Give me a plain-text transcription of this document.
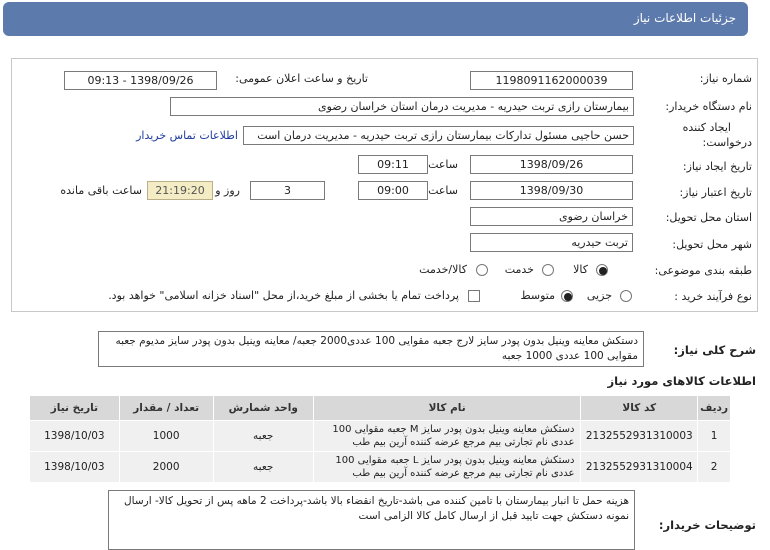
جزئیات اطلاعات نیاز
شماره نیاز:
1198091162000039
تاریخ و ساعت اعلان عمومی:
1398/09/26 - 09:13
نام دستگاه خریدار:
بیمارستان رازی تربت حیدریه - مدیریت درمان استان خراسان رضوی
ایجاد کننده
درخواست:
حسن حاجیی مسئول تدارکات بیمارستان رازی تربت حیدریه - مدیریت درمان است
اطلاعات تماس خریدار
تاریخ ایجاد نیاز:
1398/09/26
ساعت
09:11
تاریخ اعتبار نیاز:
1398/09/30
ساعت
09:00
3
روز و
21:19:20
ساعت باقی مانده
استان محل تحویل:
خراسان رضوی
شهر محل تحویل:
تربت حیدریه
طبقه بندی موضوعی:
کالا
خدمت
کالا/خدمت
نوع فرآیند خرید :
جزیی
متوسط
پرداخت تمام یا بخشی از مبلغ خرید،از محل "اسناد خزانه اسلامی" خواهد بود.
شرح کلی نیاز:
دستکش معاینه وینیل بدون پودر سایز لارج جعبه مقوایی 100 عددی2000 جعبه/ معاینه وینیل بدون پودر سایز مدیوم جعبه مقوایی 100 عددی 1000 جعبه
اطلاعات کالاهای مورد نیاز
ردیف	کد کالا	نام کالا	واحد شمارش	تعداد / مقدار	تاریخ نیاز
1	2132552931310003	دستکش معاینه وینیل بدون پودر سایز M جعبه مقوایی 100
عددی نام تجارتی بیم مرجع عرضه کننده آرین بیم طب	جعبه	1000	1398/10/03
2	2132552931310004	دستکش معاینه وینیل بدون پودر سایز L جعبه مقوایی 100
عددی نام تجارتی بیم مرجع عرضه کننده آرین بیم طب	جعبه	2000	1398/10/03
توضیحات خریدار:
هزینه حمل تا انبار بیمارستان با تامین کننده می باشد-تاریخ انقضاء بالا باشد-پرداخت 2 ماهه پس از تحویل کالا- ارسال نمونه دستکش جهت تایید قبل از ارسال کامل کالا الزامی است
